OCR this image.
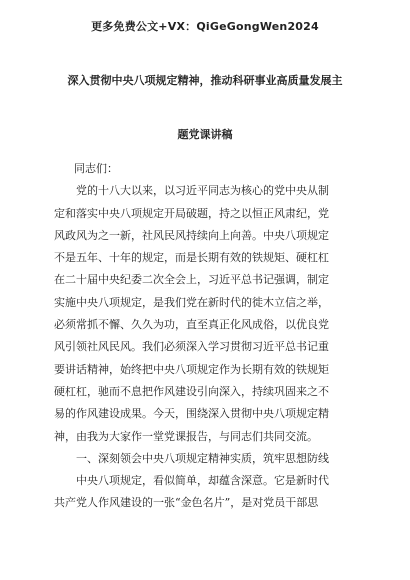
更多免费公文+VX：QiGeGongWen2024
深入贯彻中央八项规定精神，推动科研事业高质量发展主
题党课讲稿
同志们：
　　党的十八大以来，以习近平同志为核心的党中央从制
定和落实中央八项规定开局破题，持之以恒正风肃纪，党
风政风为之一新，社风民风持续向上向善。中央八项规定
不是五年、十年的规定，而是长期有效的铁规矩、硬杠杠
在二十届中央纪委二次全会上，习近平总书记强调，制定
实施中央八项规定，是我们党在新时代的徙木立信之举，
必须常抓不懈、久久为功，直至真正化风成俗，以优良党
风引领社风民风。我们必须深入学习贯彻习近平总书记重
要讲话精神，始终把中央八项规定作为长期有效的铁规矩
硬杠杠，驰而不息把作风建设引向深入，持续巩固来之不
易的作风建设成果。今天，围绕深入贯彻中央八项规定精
神，由我为大家作一堂党课报告，与同志们共同交流。
　　一、深刻领会中央八项规定精神实质，筑牢思想防线
　　中央八项规定，看似简单，却蕴含深意。它是新时代
共产党人作风建设的一张“金色名片”，是对党员干部思
